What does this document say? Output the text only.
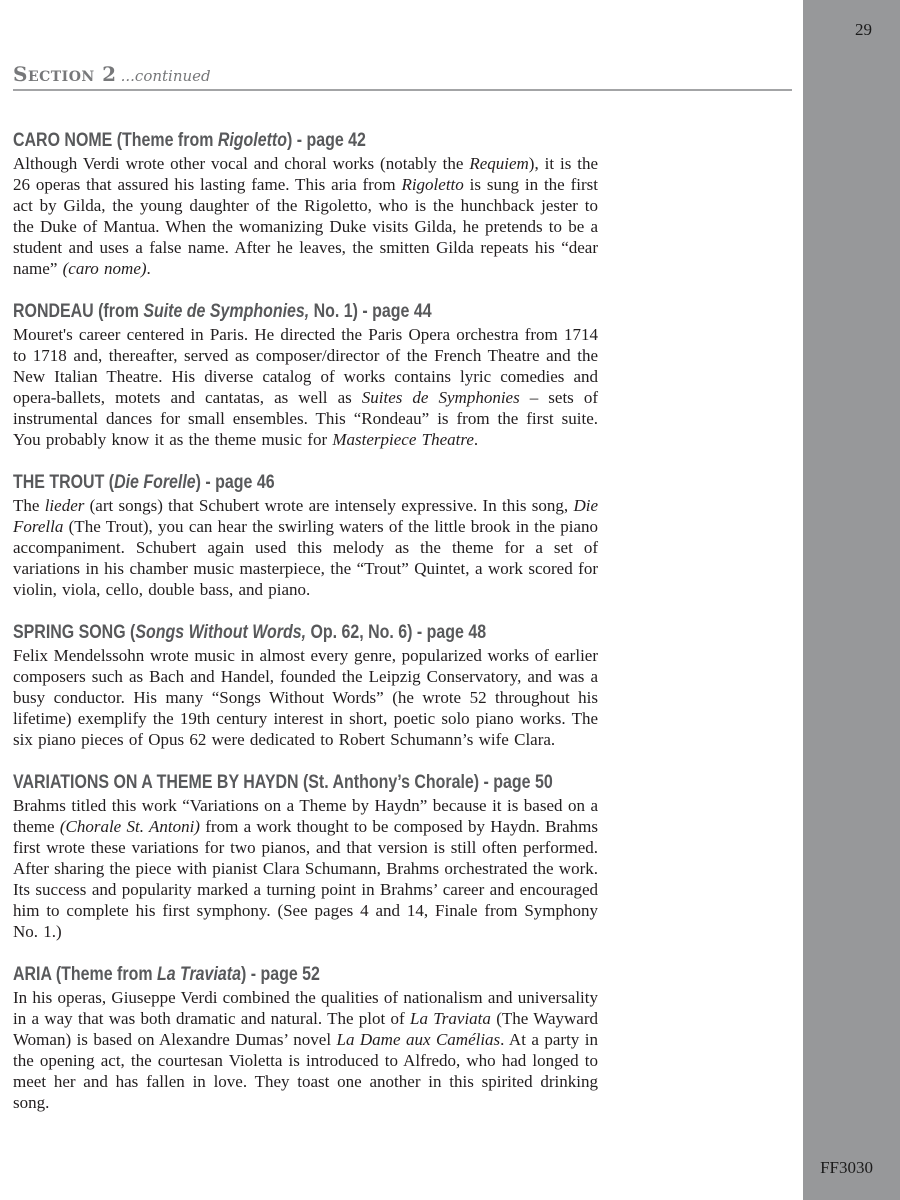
29
FF3030
Section 2 ...continued
CARO NOME (Theme from Rigoletto) - page 42

Although Verdi wrote other vocal and choral works (notably the Requiem), it is the 26 operas that assured his lasting fame. This aria from Rigoletto is sung in the first act by Gilda, the young daughter of the Rigoletto, who is the hunchback jester to the Duke of Mantua. When the womanizing Duke visits Gilda, he pretends to be a student and uses a false name. After he leaves, the smitten Gilda repeats his “dear name” (caro nome).

RONDEAU (from Suite de Symphonies, No. 1) - page 44

Mouret's career centered in Paris. He directed the Paris Opera orchestra from 1714 to 1718 and, thereafter, served as composer/director of the French Theatre and the New Italian Theatre. His diverse catalog of works contains lyric comedies and opera-ballets, motets and cantatas, as well as Suites de Symphonies – sets of instrumental dances for small ensembles. This “Rondeau” is from the first suite. You probably know it as the theme music for Masterpiece Theatre.

THE TROUT (Die Forelle) - page 46

The lieder (art songs) that Schubert wrote are intensely expressive. In this song, Die Forella (The Trout), you can hear the swirling waters of the little brook in the piano accompaniment. Schubert again used this melody as the theme for a set of variations in his chamber music masterpiece, the “Trout” Quintet, a work scored for violin, viola, cello, double bass, and piano.

SPRING SONG (Songs Without Words, Op. 62, No. 6) - page 48

Felix Mendelssohn wrote music in almost every genre, popularized works of earlier composers such as Bach and Handel, founded the Leipzig Conservatory, and was a busy conductor. His many “Songs Without Words” (he wrote 52 throughout his lifetime) exemplify the 19th century interest in short, poetic solo piano works. The six piano pieces of Opus 62 were dedicated to Robert Schumann’s wife Clara.

VARIATIONS ON A THEME BY HAYDN (St. Anthony’s Chorale) - page 50

Brahms titled this work “Variations on a Theme by Haydn” because it is based on a theme (Chorale St. Antoni) from a work thought to be composed by Haydn. Brahms first wrote these variations for two pianos, and that version is still often performed. After sharing the piece with pianist Clara Schumann, Brahms orchestrated the work. Its success and popularity marked a turning point in Brahms’ career and encouraged him to complete his first symphony. (See pages 4 and 14, Finale from Symphony No. 1.)

ARIA (Theme from La Traviata) - page 52

In his operas, Giuseppe Verdi combined the qualities of nationalism and universality in a way that was both dramatic and natural. The plot of La Traviata (The Wayward Woman) is based on Alexandre Dumas’ novel La Dame aux Camélias. At a party in the opening act, the courtesan Violetta is introduced to Alfredo, who had longed to meet her and has fallen in love. They toast one another in this spirited drinking song.
